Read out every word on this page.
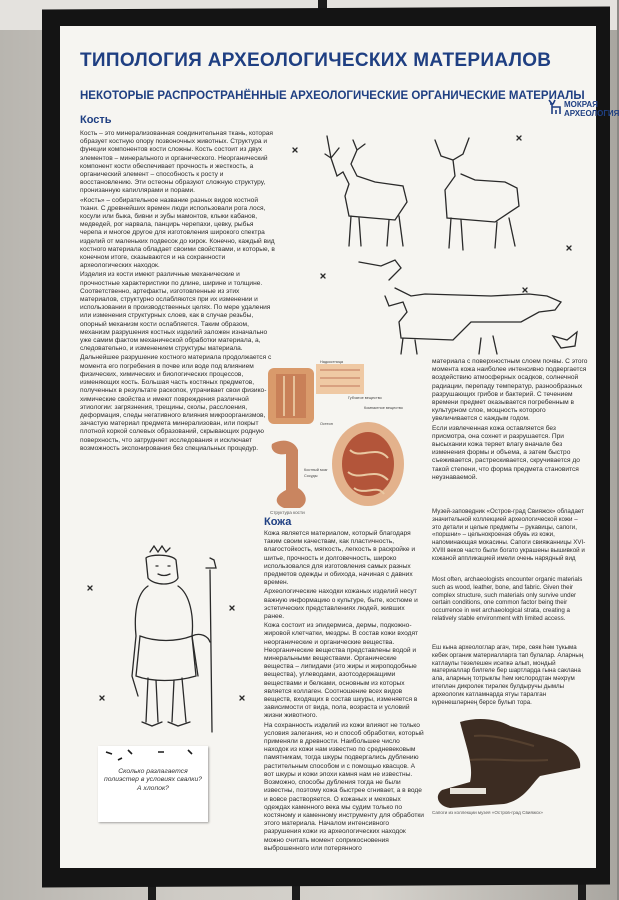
ТИПОЛОГИЯ АРХЕОЛОГИЧЕСКИХ МАТЕРИАЛОВ
НЕКОТОРЫЕ РАСПРОСТРАНЁННЫЕ АРХЕОЛОГИЧЕСКИЕ ОРГАНИЧЕСКИЕ МАТЕРИАЛЫ
МОКРАЯ
АРХЕОЛОГИЯ
Кость

Кость – это минерализованная соединительная ткань, которая образует костную опору позвоночных животных. Структура и функции компонентов кости сложны. Кость состоит из двух элементов – минерального и органического. Неорганический компонент кости обеспечивает прочность и жесткость, а органический элемент – способность к росту и восстановлению. Эти остеоны образуют сложную структуру, пронизанную капиллярами и порами.

«Кость» – собирательное название разных видов костной ткани. С древнейших времен люди использовали рога лося, косули или быка, бивни и зубы мамонтов, клыки кабанов, медведей, рог нарвала, панцирь черепахи, цевку, рыбья черепа и многое другое для изготовления широкого спектра изделий от маленьких подвесок до кирок. Конечно, каждый вид костного материала обладает своими свойствами, и которые, в конечном итоге, сказываются и на сохранности археологических находок.

Изделия из кости имеют различные механические и прочностные характеристики по длине, ширине и толщине. Соответственно, артефакты, изготовленные из этих материалов, структурно ослабляются при их изменении и использовании в производственных целях. По мере удаления или изменения структурных слоев, как в случае резьбы, опорный механизм кости ослабляется. Таким образом, механизм разрушения костных изделий заложен изначально уже самим фактом механической обработки материала, а, следовательно, и изменением структуры материала.

Дальнейшее разрушение костного материала продолжается с момента его погребения в почве или воде под влиянием физических, химических и биологических процессов, изменяющих кость. Большая часть костяных предметов, полученных в результате раскопок, утрачивает свои физико-химические свойства и имеют повреждения различной этиологии: загрязнения, трещины, сколы, расслоения, деформация, следы негативного влияния микроорганизмов, зачастую материал предмета минерализован, или покрыт плотной коркой солевых образований, скрывающих родную поверхность, что затрудняет исследования и исключает возможность экспонирования без специальных процедур.

Надкостница
Губчатое вещество
Компактное вещество
Остеон
Костный мозг
Сосуды
Структура кости

материала с поверхностным слоем почвы. С этого момента кожа наиболее интенсивно подвергается воздействию атмосферных осадков, солнечной радиации, перепаду температур, разнообразных разрушающих грибов и бактерий. С течением времени предмет оказывается погребенным в культурном слое, мощность которого увеличивается с каждым годом.

Если извлеченная кожа оставляется без присмотра, она сохнет и разрушается. При высыхании кожа теряет влагу вначале без изменения формы и объема, а затем быстро съеживается, растрескивается, скручивается до такой степени, что форма предмета становится неузнаваемой.

Кожа

Кожа является материалом, который благодаря таким своим качествам, как пластичность, влагостойкость, мягкость, легкость в раскройке и шитье, прочность и долговечность, широко использовался для изготовления самых разных предметов одежды и обихода, начиная с давних времен.

Археологические находки кожаных изделий несут важную информацию о культуре, быте, костюме и эстетических представлениях людей, живших ранее.

Кожа состоит из эпидермиса, дермы, подкожно-жировой клетчатки, мездры. В состав кожи входят неорганические и органические вещества. Неорганические вещества представлены водой и минеральными веществами. Органические вещества – липидами (это жиры и жироподобные вещества), углеводами, азотсодержащими веществами и белками, основным из которых является коллаген. Соотношение всех видов веществ, входящих в состав шкуры, изменяется в зависимости от вида, пола, возраста и условий жизни животного.

На сохранность изделий из кожи влияют не только условия залегания, но и способ обработки, который применяли в древности. Наибольшее число находок из кожи нам известно по средневековым памятникам, тогда шкуры подвергались дублению растительным способом и с помощью квасцов. А вот шкуры и кожи эпохи камня нам не известны. Возможно, способы дубления тогда не были известны, поэтому кожа быстрее сгнивает, а в воде и вовсе растворяется. О кожаных и меховых одеждах каменного века мы судим только по костяному и каменному инструменту для обработки этого материала. Началом интенсивного разрушения кожи из археологических находок можно считать момент соприкосновения выброшенного или потерянного

Музей-заповедник «Остров-град Свияжск» обладает значительной коллекцией археологической кожи – это детали и целые предметы – рукавицы, сапоги, «поршни» – цельнокроеная обувь из кожи, напоминающая мокасины. Сапоги свияжанницы XVI-XVIII веков часто были богато украшены вышивкой и кожаной аппликацией имели очень нарядный вид
Most often, archaeologists encounter organic materials such as wood, leather, bone, and fabric. Given their complex structure, such materials only survive under certain conditions, one common factor being their occurrence in wet archaeological strata, creating a relatively stable environment with limited access.
Еш кына археологлар агач, тире, сөяк һәм тукыма кебек органик материалларга тап булалар. Аларның катлаулы төзелешен исәпкә алып, мондый материаллар билгеле бер шартларда гына сакланa ала, аларның тотрыклы һәм кислородтан мәхрүм итеплән дикролек тирәлек булдыручы дымлы археологик катламнарда ятуы таралган күренешләрнең берсе булып тора.
Сапоги из коллекции музея «Остров-град Свияжск»
Сколько разлагается полиэстер в условиях свалки? А хлопок?
